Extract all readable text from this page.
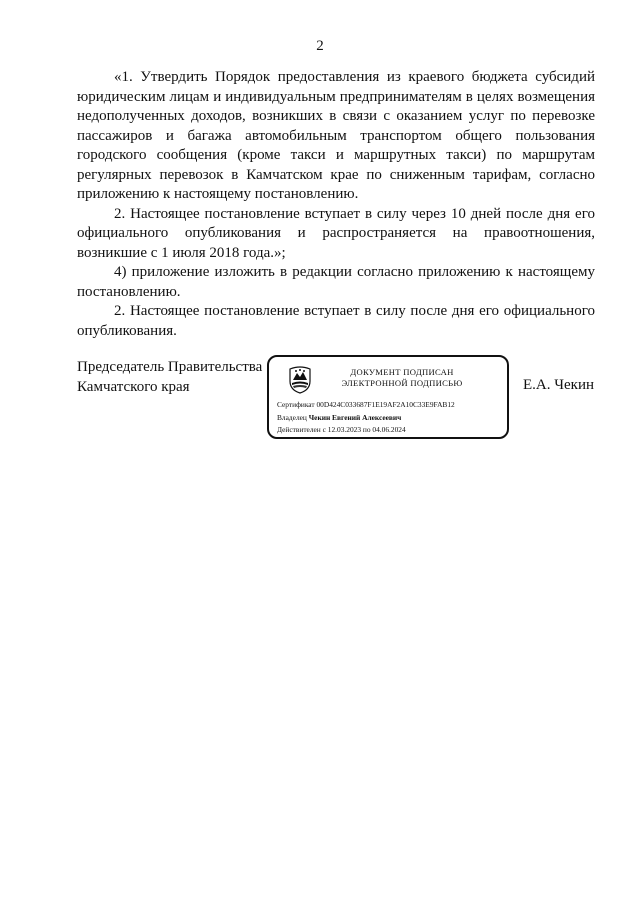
2

«1. Утвердить Порядок предоставления из краевого бюджета субсидий юридическим лицам и индивидуальным предпринимателям в целях возмещения недополученных доходов, возникших в связи с оказанием услуг по перевозке пассажиров и багажа автомобильным транспортом общего пользования городского сообщения (кроме такси и маршрутных такси) по маршрутам регулярных перевозок в Камчатском крае по сниженным тарифам, согласно приложению к настоящему постановлению.

2. Настоящее постановление вступает в силу через 10 дней после дня его официального опубликования и распространяется на правоотношения, возникшие с 1 июля 2018 года.»;

4) приложение изложить в редакции согласно приложению к настоящему постановлению.

2. Настоящее постановление вступает в силу после дня его официального опубликования.

Председатель Правительства
Камчатского края
ДОКУМЕНТ ПОДПИСАН
ЭЛЕКТРОННОЙ ПОДПИСЬЮ
Сертификат 00D424C033687F1E19AF2A10C33E9FAB12
Владелец Чекин Евгений Алексеевич
Действителен с 12.03.2023 по 04.06.2024
Е.А. Чекин
